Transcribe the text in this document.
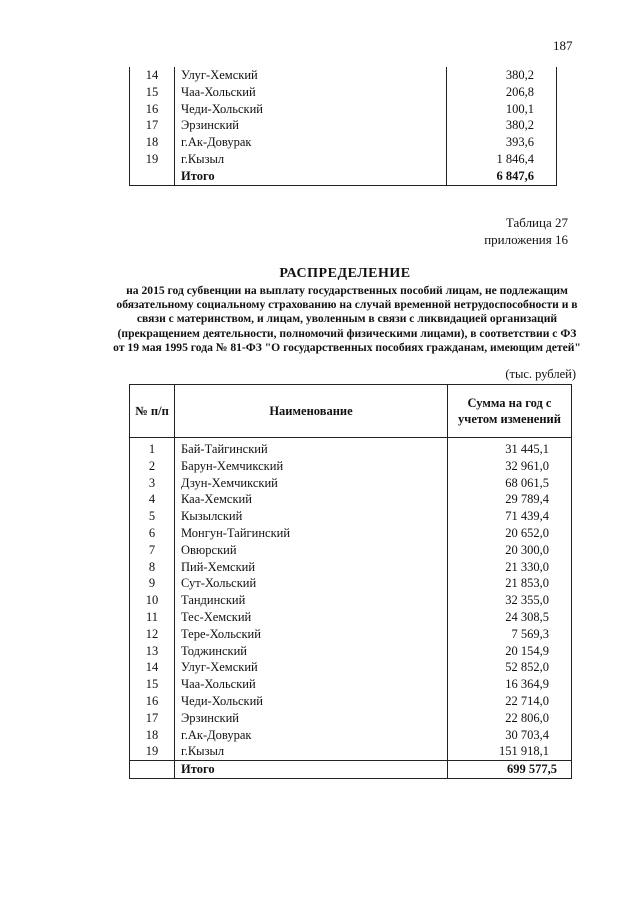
187
14	Улуг-Хемский	380,2
15	Чаа-Хольский	206,8
16	Чеди-Хольский	100,1
17	Эрзинский	380,2
18	г.Ак-Довурак	393,6
19	г.Кызыл	1 846,4
	Итого	6 847,6
Таблица 27
приложения 16
РАСПРЕДЕЛЕНИЕ
на 2015 год субвенции на выплату государственных пособий лицам, не подлежащим обязательному социальному страхованию на случай временной нетрудоспособности и в связи с материнством, и лицам, уволенным в связи с ликвидацией организаций (прекращением деятельности, полномочий физическими лицами), в соответствии с ФЗ от 19 мая 1995 года № 81-ФЗ "О государственных пособиях гражданам, имеющим детей"
(тыс. рублей)
№ п/п	Наименование	Сумма на год с учетом изменений
1	Бай-Тайгинский	31 445,1
2	Барун-Хемчикский	32 961,0
3	Дзун-Хемчикский	68 061,5
4	Каа-Хемский	29 789,4
5	Кызылский	71 439,4
6	Монгун-Тайгинский	20 652,0
7	Овюрский	20 300,0
8	Пий-Хемский	21 330,0
9	Сут-Хольский	21 853,0
10	Тандинский	32 355,0
11	Тес-Хемский	24 308,5
12	Тере-Хольский	7 569,3
13	Тоджинский	20 154,9
14	Улуг-Хемский	52 852,0
15	Чаа-Хольский	16 364,9
16	Чеди-Хольский	22 714,0
17	Эрзинский	22 806,0
18	г.Ак-Довурак	30 703,4
19	г.Кызыл	151 918,1
	Итого	699 577,5
